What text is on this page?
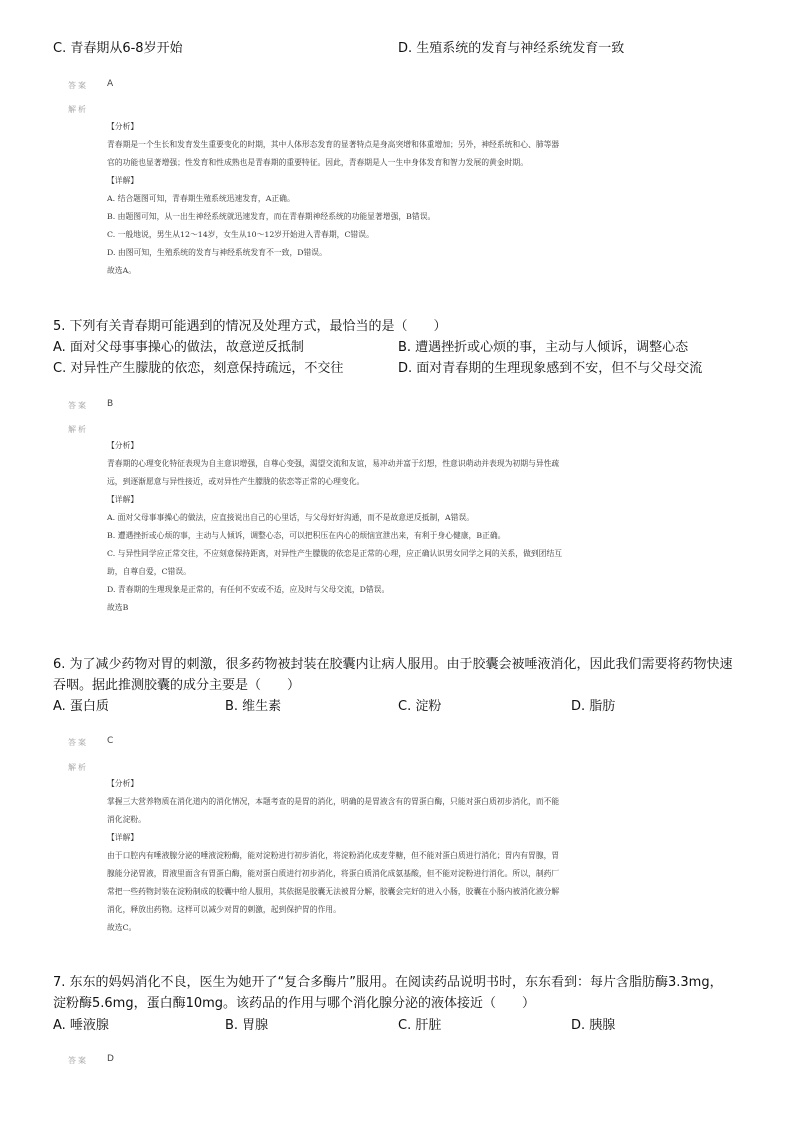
C. 青春期从6-8岁开始	D. 生殖系统的发育与神经系统发育一致
答案 A
解析
【分析】
青春期是一个生长和发育发生重要变化的时期，其中人体形态发育的显著特点是身高突增和体重增加；另外，神经系统和心、肺等器
官的功能也显著增强；性发育和性成熟也是青春期的重要特征。因此，青春期是人一生中身体发育和智力发展的黄金时期。
【详解】
A. 结合题图可知，青春期生殖系统迅速发育，A正确。
B. 由题图可知，从一出生神经系统就迅速发育，而在青春期神经系统的功能显著增强，B错误。
C. 一般地说，男生从12～14岁，女生从10～12岁开始进入青春期，C错误。
D. 由图可知，生殖系统的发育与神经系统发育不一致，D错误。
故选A。
5. 下列有关青春期可能遇到的情况及处理方式，最恰当的是（　　）
A. 面对父母事事操心的做法，故意逆反抵制	B. 遭遇挫折或心烦的事，主动与人倾诉，调整心态
C. 对异性产生朦胧的依恋，刻意保持疏远，不交往	D. 面对青春期的生理现象感到不安，但不与父母交流
答案 B
解析
【分析】
青春期的心理变化特征表现为自主意识增强，自尊心变强，渴望交流和友谊，易冲动并富于幻想，性意识萌动并表现为初期与异性疏
远，到逐渐愿意与异性接近，或对异性产生朦胧的依恋等正常的心理变化。
【详解】
A. 面对父母事事操心的做法，应直接说出自己的心里话，与父母好好沟通，而不是故意逆反抵制，A错误。
B. 遭遇挫折或心烦的事，主动与人倾诉，调整心态，可以把积压在内心的烦恼宣泄出来，有利于身心健康，B正确。
C. 与异性同学应正常交往，不应刻意保持距离，对异性产生朦胧的依恋是正常的心理，应正确认识男女同学之间的关系，做到团结互
助，自尊自爱，C错误。
D. 青春期的生理现象是正常的，有任何不安或不适，应及时与父母交流，D错误。
故选B
6. 为了减少药物对胃的刺激，很多药物被封装在胶囊内让病人服用。由于胶囊会被唾液消化，因此我们需要将药物快速
吞咽。据此推测胶囊的成分主要是（　　）
A. 蛋白质	B. 维生素	C. 淀粉	D. 脂肪
答案 C
解析
【分析】
掌握三大营养物质在消化道内的消化情况，本题考查的是胃的消化，明确的是胃液含有的胃蛋白酶，只能对蛋白质初步消化，而不能
消化淀粉。
【详解】
由于口腔内有唾液腺分泌的唾液淀粉酶，能对淀粉进行初步消化，将淀粉消化成麦芽糖，但不能对蛋白质进行消化；胃内有胃腺，胃
腺能分泌胃液，胃液里面含有胃蛋白酶，能对蛋白质进行初步消化，将蛋白质消化成氨基酸，但不能对淀粉进行消化。所以，制药厂
常把一些药物封装在淀粉制成的胶囊中给人服用，其依据是胶囊无法被胃分解，胶囊会完好的进入小肠，胶囊在小肠内被消化液分解
消化，释放出药物。这样可以减少对胃的刺激，起到保护胃的作用。
故选C。
7. 东东的妈妈消化不良，医生为她开了“复合多酶片”服用。在阅读药品说明书时，东东看到：每片含脂肪酶3.3mg，
淀粉酶5.6mg，蛋白酶10mg。该药品的作用与哪个消化腺分泌的液体接近（　　）
A. 唾液腺	B. 胃腺	C. 肝脏	D. 胰腺
答案 D
